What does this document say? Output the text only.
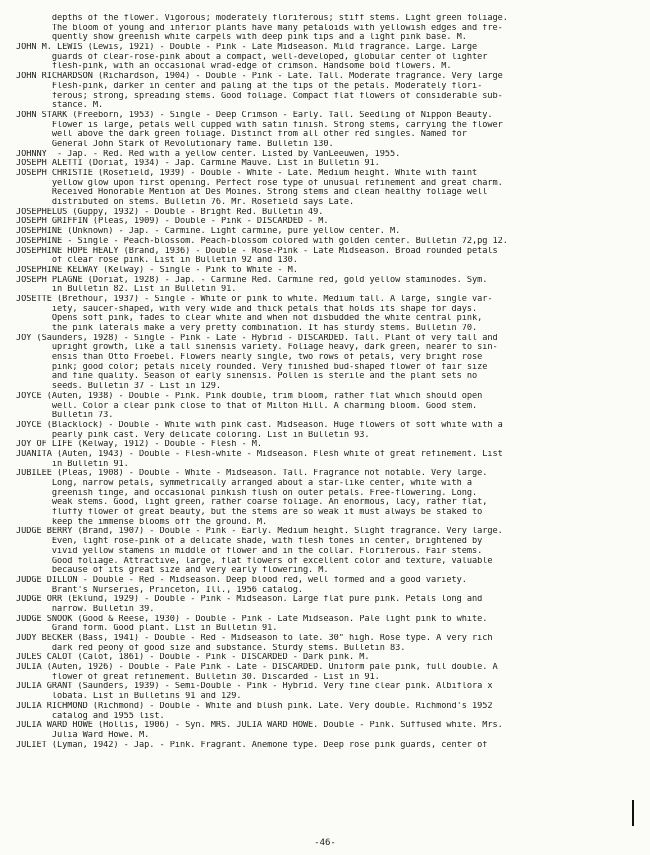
depths of the flower. Vigorous; moderately floriferous; stiff stems. Light green foliage.
The bloom of young and inferior plants have many petaloids with yellowish edges and fre-
quently show greenish white carpels with deep pink tips and a light pink base. M.
JOHN M. LEWIS (Lewis, 1921) - Double - Pink - Late Midseason. Mild fragrance. Large. Large
guards of clear-rose-pink about a compact, well-developed, globular center of lighter
flesh-pink, with an occasional wrad-edge of crimson. Handsome bold flowers. M.
JOHN RICHARDSON (Richardson, 1904) - Double - Pink - Late. Tall. Moderate fragrance. Very large
Flesh-pink, darker in center and paling at the tips of the petals. Moderately flori-
ferous; strong, spreading stems. Good foliage. Compact flat flowers of considerable sub-
stance. M.
JOHN STARK (Freeborn, 1953) - Single - Deep Crimson - Early. Tall. Seedling of Nippon Beauty.
Flower is large, petals well cupped with satin finish. Strong stems, carrying the flower
well above the dark green foliage. Distinct from all other red singles. Named for
General John Stark of Revolutionary fame. Bulletin 130.
JOHNNY  - Jap. - Red. Red with a yellow center. Listed by VanLeeuwen, 1955.
JOSEPH ALETTI (Doriat, 1934) - Jap. Carmine Mauve. List in Bulletin 91.
JOSEPH CHRISTIE (Rosefield, 1939) - Double - White - Late. Medium height. White with faint
yellow glow upon first opening. Perfect rose type of unusual refinement and great charm.
Received Honorable Mention at Des Moines. Strong stems and clean healthy foliage well
distributed on stems. Bulletin 76. Mr. Rosefield says Late.
JOSEPHELUS (Guppy, 1932) - Double - Bright Red. Bulletin 49.
JOSEPH GRIFFIN (Pleas, 1909) - Double - Pink - DISCARDED - M.
JOSEPHINE (Unknown) - Jap. - Carmine. Light carmine, pure yellow center. M.
JOSEPHINE - Single - Peach-blossom. Peach-blossom colored with golden center. Bulletin 72,pg 12.
JOSEPHINE HOPE HEALY (Brand, 1936) - Double - Rose-Pink - Late Midseason. Broad rounded petals
of clear rose pink. List in Bulletin 92 and 130.
JOSEPHINE KELWAY (Kelway) - Single - Pink to White - M.
JOSEPH PLAGNE (Doriat, 1928) - Jap. - Carmine Red. Carmine red, gold yellow staminodes. Sym.
in Bulletin 82. List in Bulletin 91.
JOSETTE (Brethour, 1937) - Single - White or pink to white. Medium tall. A large, single var-
iety, saucer-shaped, with very wide and thick petals that holds its shape for days.
Opens soft pink, fades to clear white and when not disbudded the white central pink,
the pink laterals make a very pretty combination. It has sturdy stems. Bulletin 70.
JOY (Saunders, 1928) - Single - Pink - Late - Hybrid - DISCARDED. Tall. Plant of very tall and
upright growth, like a tall sinensis variety. Foliage heavy, dark green, nearer to sin-
ensis than Otto Froebel. Flowers nearly single, two rows of petals, very bright rose
pink; good color; petals nicely rounded. Very finished bud-shaped flower of fair size
and fine quality. Season of early sinensis. Pollen is sterile and the plant sets no
seeds. Bulletin 37 - List in 129.
JOYCE (Auten, 1938) - Double - Pink. Pink double, trim bloom, rather flat which should open
well. Color a clear pink close to that of Milton Hill. A charming bloom. Good stem.
Bulletin 73.
JOYCE (Blacklock) - Double - White with pink cast. Midseason. Huge flowers of soft white with a
pearly pink cast. Very delicate coloring. List in Bulletin 93.
JOY OF LIFE (Kelway, 1912) - Double - Flesh - M.
JUANITA (Auten, 1943) - Double - Flesh-white - Midseason. Flesh white of great refinement. List
in Bulletin 91.
JUBILEE (Pleas, 1908) - Double - White - Midseason. Tall. Fragrance not notable. Very large.
Long, narrow petals, symmetrically arranged about a star-like center, white with a
greenish tinge, and occasional pinkish flush on outer petals. Free-flowering. Long.
weak stems. Good, light green, rather coarse foliage. An enormous, lacy, rather flat,
fluffy flower of great beauty, but the stems are so weak it must always be staked to
keep the immense blooms off the ground. M.
JUDGE BERRY (Brand, 1907) - Double - Pink - Early. Medium height. Slight fragrance. Very large.
Even, light rose-pink of a delicate shade, with flesh tones in center, brightened by
vivid yellow stamens in middle of flower and in the collar. Floriferous. Fair stems.
Good foliage. Attractive, large, flat flowers of excellent color and texture, valuable
because of its great size and very early flowering. M.
JUDGE DILLON - Double - Red - Midseason. Deep blood red, well formed and a good variety.
Brant's Nurseries, Princeton, Ill., 1956 catalog.
JUDGE ORR (Eklund, 1929) - Double - Pink - Midseason. Large flat pure pink. Petals long and
narrow. Bulletin 39.
JUDGE SNOOK (Good & Reese, 1930) - Double - Pink - Late Midseason. Pale light pink to white.
Grand form. Good plant. List in Bulletin 91.
JUDY BECKER (Bass, 1941) - Double - Red - Midseason to late. 30" high. Rose type. A very rich
dark red peony of good size and substance. Sturdy stems. Bulletin 83.
JULES CALOT (Calot, 1861) - Double - Pink - DISCARDED - Dark pink. M.
JULIA (Auten, 1926) - Double - Pale Pink - Late - DISCARDED. Uniform pale pink, full double. A
flower of great refinement. Bulletin 30. Discarded - List in 91.
JULIA GRANT (Saunders, 1939) - Semi-Double - Pink - Hybrid. Very fine clear pink. Albiflora x
lobata. List in Bulletins 91 and 129.
JULIA RICHMOND (Richmond) - Double - White and blush pink. Late. Very double. Richmond's 1952
catalog and 1955 list.
JULIA WARD HOWE (Hollis, 1906) - Syn. MRS. JULIA WARD HOWE. Double - Pink. Suffused white. Mrs.
Julia Ward Howe. M.
JULIET (Lyman, 1942) - Jap. - Pink. Fragrant. Anemone type. Deep rose pink guards, center of
-46-
